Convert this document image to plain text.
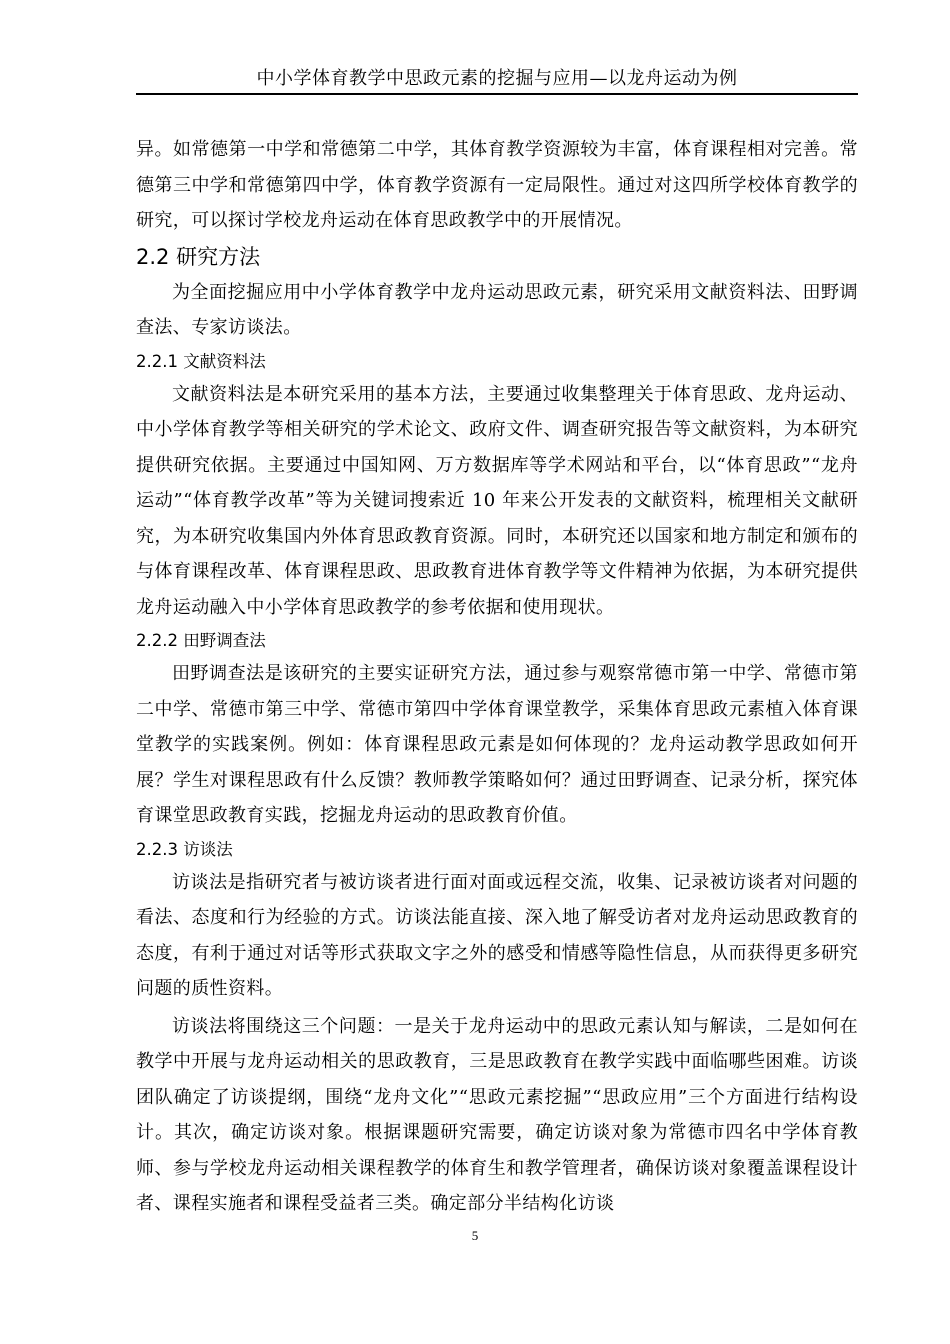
中小学体育教学中思政元素的挖掘与应用—以龙舟运动为例

异。如常德第一中学和常德第二中学，其体育教学资源较为丰富，体育课程相对完善。常德第三中学和常德第四中学，体育教学资源有一定局限性。通过对这四所学校体育教学的研究，可以探讨学校龙舟运动在体育思政教学中的开展情况。

2.2 研究方法

为全面挖掘应用中小学体育教学中龙舟运动思政元素，研究采用文献资料法、田野调查法、专家访谈法。

2.2.1 文献资料法

文献资料法是本研究采用的基本方法，主要通过收集整理关于体育思政、龙舟运动、中小学体育教学等相关研究的学术论文、政府文件、调查研究报告等文献资料，为本研究提供研究依据。主要通过中国知网、万方数据库等学术网站和平台，以“体育思政”“龙舟运动”“体育教学改革”等为关键词搜索近 10 年来公开发表的文献资料，梳理相关文献研究，为本研究收集国内外体育思政教育资源。同时，本研究还以国家和地方制定和颁布的与体育课程改革、体育课程思政、思政教育进体育教学等文件精神为依据，为本研究提供龙舟运动融入中小学体育思政教学的参考依据和使用现状。

2.2.2 田野调查法

田野调查法是该研究的主要实证研究方法，通过参与观察常德市第一中学、常德市第二中学、常德市第三中学、常德市第四中学体育课堂教学，采集体育思政元素植入体育课堂教学的实践案例。例如：体育课程思政元素是如何体现的？龙舟运动教学思政如何开展？学生对课程思政有什么反馈？教师教学策略如何？通过田野调查、记录分析，探究体育课堂思政教育实践，挖掘龙舟运动的思政教育价值。

2.2.3 访谈法

访谈法是指研究者与被访谈者进行面对面或远程交流，收集、记录被访谈者对问题的看法、态度和行为经验的方式。访谈法能直接、深入地了解受访者对龙舟运动思政教育的态度，有利于通过对话等形式获取文字之外的感受和情感等隐性信息，从而获得更多研究问题的质性资料。

访谈法将围绕这三个问题：一是关于龙舟运动中的思政元素认知与解读，二是如何在教学中开展与龙舟运动相关的思政教育，三是思政教育在教学实践中面临哪些困难。访谈团队确定了访谈提纲，围绕“龙舟文化”“思政元素挖掘”“思政应用”三个方面进行结构设计。其次，确定访谈对象。根据课题研究需要，确定访谈对象为常德市四名中学体育教师、参与学校龙舟运动相关课程教学的体育生和教学管理者，确保访谈对象覆盖课程设计者、课程实施者和课程受益者三类。确定部分半结构化访谈

5
